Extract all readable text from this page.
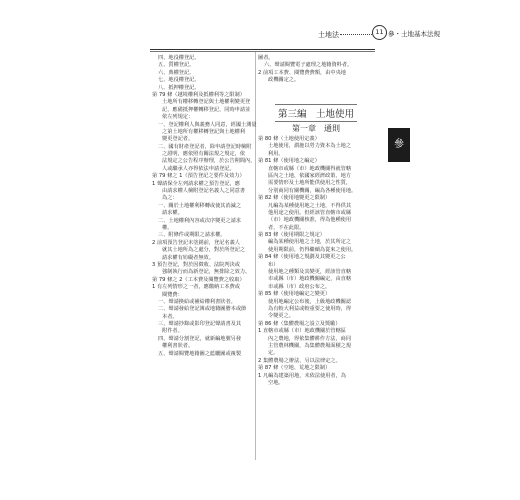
土地法	11 參・土地基本法規
四、地役權登記。
五、質權登記。
六、典權登記。
七、地役權登記。
八、抵押權登記。
第 79 條（越境權利及抵權利等之限制）
土地所有權移轉登記與土地權利變更登
記，應備抵押權轉移登記，同時申請並
依左列規定：
一、登記權利人與義務人同意，經國土測量
之第土地所有權移轉登記與土地權利
變更登記者。
二、國有財產登記者，除申請登記時檢附
之證明，應依照有關法規之規定，依
法規定之公告程序辦理，於公告期間內，
人或繼承人亦得依法申請登記。
第 79 條之 1（預告登記之要件及效力）
1 聲請保全左列請求權之預告登記，應
由請求權人檢附登記名義人之同意書
為之：
一、關於土地權利移轉或使其消滅之
請求權。
二、土地權利內容或次序變更之請求
權。
三、附條件或期限之請求權。
2 前項預告登記未塗銷前，登記名義人
就其土地所為之處分，對於所登記之
請求權有妨礙者無效。
3 預告登記，對於因徵收、法院判決或
強制執行而為新登記，無排除之效力。
第 79 條之 2（工本費及閱覽費之收取）
1 有左列情形之一者，應繳納工本費或
閱覽費：
一、聲請換給或補給權利書狀者。
二、聲請發給登記簿或地籍圖謄本或節
本者。
三、聲請抄錄或影印登記聲請書及其
附件者。
四、聲請分割登記，就新編地號另發
權利書狀者。
五、聲請閱覽地籍圖之藍曬圖或複製
圖者。
六、聲請閱覽電子處理之地籍資料者。
2 前項工本費、閱覽費費額，由中央地
政機關定之。
第三編　土地使用
第一章　通則
第 80 條（土地使用定義）
土地使用，謂施以勞力資本為土地之
利用。
第 81 條（使用地之編定）
直轄市或縣（市）地政機關得就管轄
區內之土地，依國家經濟政策、地方
需要情形及土地所能供使用之性質，
分別商同有關機關，編為各種使用地。
第 82 條（使用地變更之限制）
凡編為某種使用地之土地，不得供其
他用途之使用。但經該管直轄市或縣
（市）地政機關核准，得為他種使用
者，不在此限。
第 83 條（使用期限之規定）
編為某種使用地之土地，於其所定之
使用期限前，仍得繼續為從來之使用。
第 84 條（使用地之規劃及其變更之公
布）
使用地之種類及其變更，經該管直轄
市或縣（市）地政機關編定，由直轄
市或縣（市）政府公布之。
第 85 條（使用地編定之變更）
使用地編定公布後，上級地政機關認
為有較大利益或較重要之使用時，得
令變更之。
第 86 條（集體農場之設立及獎勵）
1 直轄市或縣（市）地政機關於管轄區
內之農地，得依集體耕作方法，商同
主管農林機關，為集體農場面積之規
定。
2 集體農場之辦法，另以法律定之。
第 87 條（空地、荒地之限制）
1 凡編為建築用地，未依法使用者，為
空地。
參
